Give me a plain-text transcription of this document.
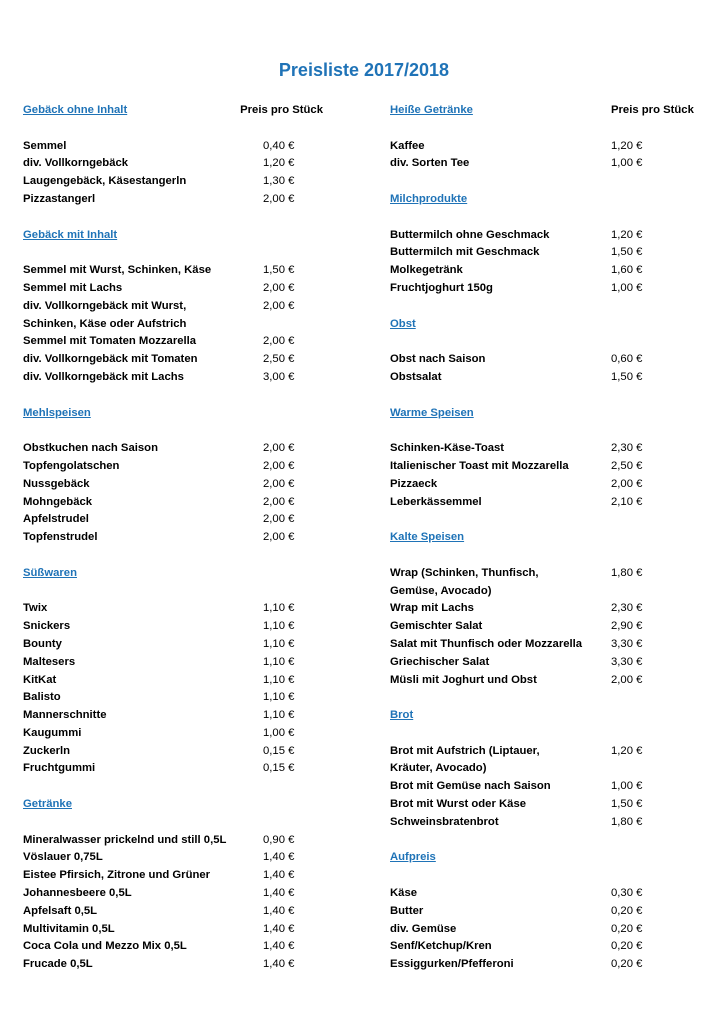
Preisliste 2017/2018
Gebäck ohne Inhalt	Preis pro Stück
Semmel	0,40 €
div. Vollkorngebäck	1,20 €
Laugengebäck, Käsestangerln	1,30 €
Pizzastangerl	2,00 €
Gebäck mit Inhalt
Semmel mit Wurst, Schinken, Käse	1,50 €
Semmel mit Lachs	2,00 €
div. Vollkorngebäck mit Wurst,	2,00 €
Schinken, Käse oder Aufstrich
Semmel mit Tomaten Mozzarella	2,00 €
div. Vollkorngebäck mit Tomaten	2,50 €
div. Vollkorngebäck mit Lachs	3,00 €
Mehlspeisen
Obstkuchen nach Saison	2,00 €
Topfengolatschen	2,00 €
Nussgebäck	2,00 €
Mohngebäck	2,00 €
Apfelstrudel	2,00 €
Topfenstrudel	2,00 €
Süßwaren
Twix	1,10 €
Snickers	1,10 €
Bounty	1,10 €
Maltesers	1,10 €
KitKat	1,10 €
Balisto	1,10 €
Mannerschnitte	1,10 €
Kaugummi	1,00 €
Zuckerln	0,15 €
Fruchtgummi	0,15 €
Getränke
Mineralwasser prickelnd und still 0,5L	0,90 €
Vöslauer 0,75L	1,40 €
Eistee Pfirsich, Zitrone und Grüner	1,40 €
Johannesbeere 0,5L	1,40 €
Apfelsaft 0,5L	1,40 €
Multivitamin 0,5L	1,40 €
Coca Cola und Mezzo Mix 0,5L	1,40 €
Frucade 0,5L	1,40 €
Heiße Getränke	Preis pro Stück
Kaffee	1,20 €
div. Sorten Tee	1,00 €
Milchprodukte
Buttermilch ohne Geschmack	1,20 €
Buttermilch mit Geschmack	1,50 €
Molkegetränk	1,60 €
Fruchtjoghurt 150g	1,00 €
Obst
Obst nach Saison	0,60 €
Obstsalat	1,50 €
Warme Speisen
Schinken-Käse-Toast	2,30 €
Italienischer Toast mit Mozzarella	2,50 €
Pizzaeck	2,00 €
Leberkässemmel	2,10 €
Kalte Speisen
Wrap (Schinken, Thunfisch,	1,80 €
Gemüse, Avocado)
Wrap mit Lachs	2,30 €
Gemischter Salat	2,90 €
Salat mit Thunfisch oder Mozzarella	3,30 €
Griechischer Salat	3,30 €
Müsli mit Joghurt und Obst	2,00 €
Brot
Brot mit Aufstrich (Liptauer,	1,20 €
Kräuter, Avocado)
Brot mit Gemüse nach Saison	1,00 €
Brot mit Wurst oder Käse	1,50 €
Schweinsbratenbrot	1,80 €
Aufpreis
Käse	0,30 €
Butter	0,20 €
div. Gemüse	0,20 €
Senf/Ketchup/Kren	0,20 €
Essiggurken/Pfefferoni	0,20 €
